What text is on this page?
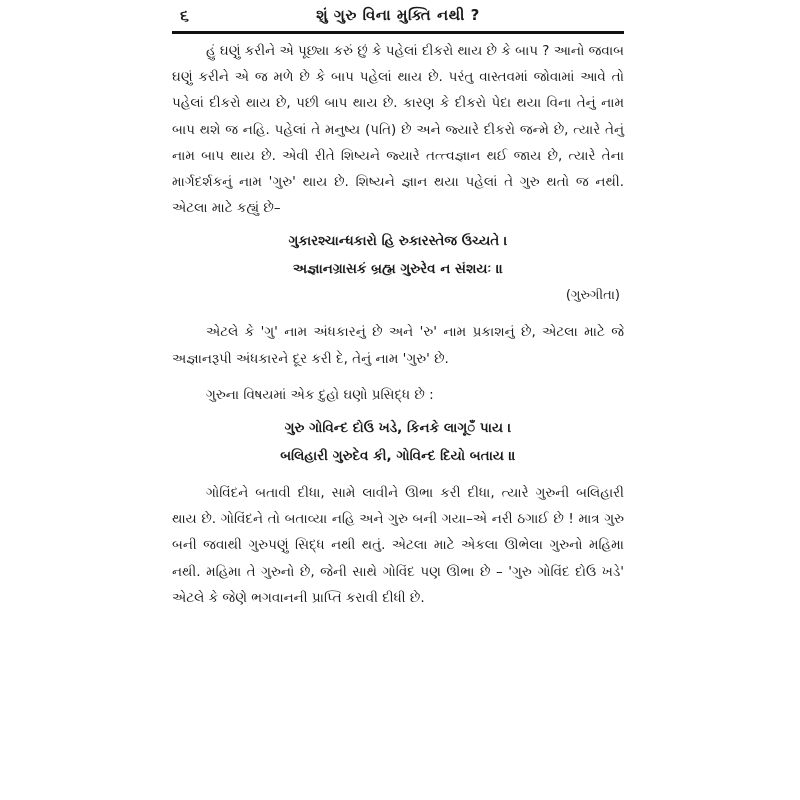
૬	શું ગુરુ વિના મુક્તિ નથી ?

હું ઘણું કરીને એ પૂછ્યા કરું છું કે પહેલાં દીકરો થાય છે કે બાપ ? આનો જવાબ ઘણું કરીને એ જ મળે છે કે બાપ પહેલાં થાય છે. પરંતુ વાસ્તવમાં જોવામાં આવે તો પહેલાં દીકરો થાય છે, પછી બાપ થાય છે. કારણ કે દીકરો પેદા થયા વિના તેનું નામ બાપ થશે જ નહિ. પહેલાં તે મનુષ્ય (પતિ) છે અને જ્યારે દીકરો જન્મે છે, ત્યારે તેનું નામ બાપ થાય છે. એવી રીતે શિષ્યને જ્યારે તત્ત્વજ્ઞાન થઈ જાય છે, ત્યારે તેના માર્ગદર્શકનું નામ 'ગુરુ' થાય છે. શિષ્યને જ્ઞાન થયા પહેલાં તે ગુરુ થતો જ નથી. એટલા માટે કહ્યું છે–

ગુકારશ્ચાન્ધકારો હિ રુકારસ્તેજ ઉચ્યતે ।

અજ્ઞાનગ્રાસકં બ્રહ્મ ગુરુરેવ ન સંશયઃ ॥

(ગુરુગીતા)

એટલે કે 'ગુ' નામ અંધકારનું છે અને 'રુ' નામ પ્રકાશનું છે, એટલા માટે જે અજ્ઞાનરૂપી અંધકારને દૂર કરી દે, તેનું નામ 'ગુરુ' છે.

ગુરુના વિષયમાં એક દુહો ઘણો પ્રસિદ્ધ છે :

ગુરુ ગોવિન્દ દોઉ ખડે, કિનકે લાગૂँ પાય ।

બલિહારી ગુરુદેવ કી, ગોવિન્દ દિયો બતાય ॥

ગોવિંદને બતાવી દીધા, સામે લાવીને ઊભા કરી દીધા, ત્યારે ગુરુની બલિહારી થાય છે. ગોવિંદને તો બતાવ્યા નહિ અને ગુરુ બની ગયા–એ નરી ઠગાઈ છે ! માત્ર ગુરુ બની જવાથી ગુરુપણું સિદ્ધ નથી થતું. એટલા માટે એકલા ઊભેલા ગુરુનો મહિમા નથી. મહિમા તે ગુરુનો છે, જેની સાથે ગોવિંદ પણ ઊભા છે – 'ગુરુ ગોવિંદ દોઉ ખડે' એટલે કે જેણે ભગવાનની પ્રાપ્તિ કરાવી દીધી છે.
